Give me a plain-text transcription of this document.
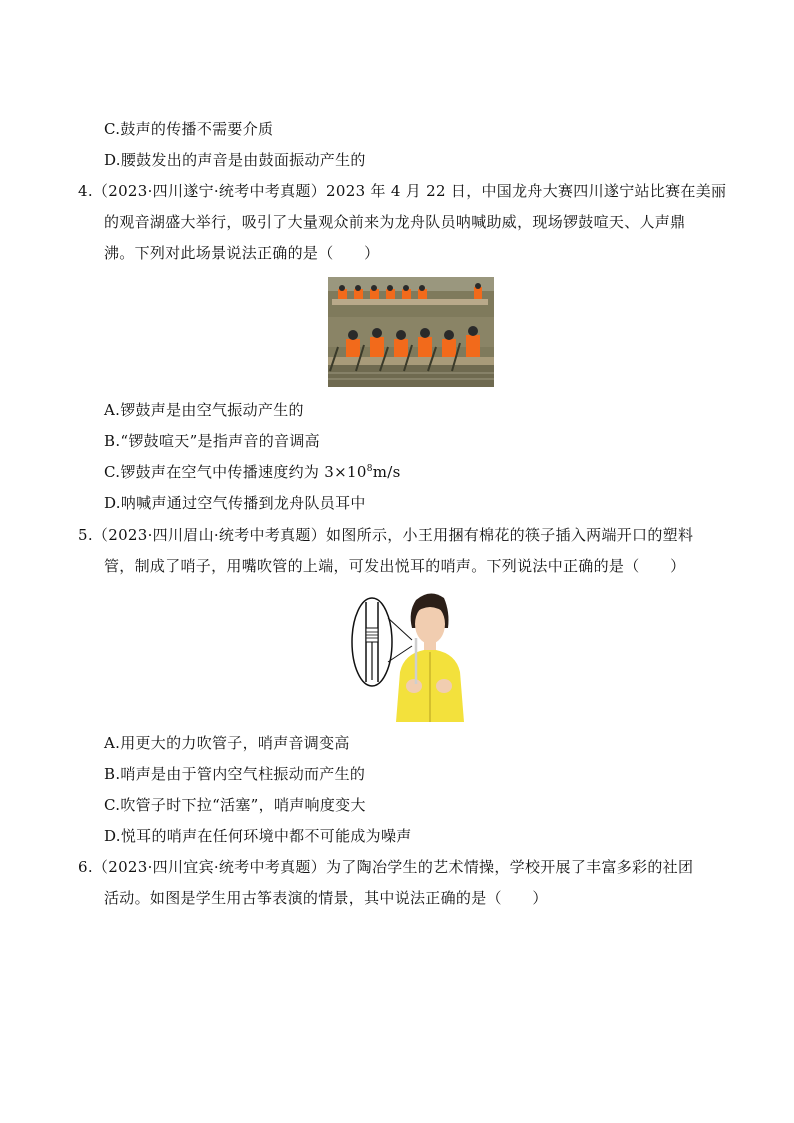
C.鼓声的传播不需要介质
D.腰鼓发出的声音是由鼓面振动产生的
4.（2023·四川遂宁·统考中考真题）2023 年 4 月 22 日，中国龙舟大赛四川遂宁站比赛在美丽
的观音湖盛大举行，吸引了大量观众前来为龙舟队员呐喊助威，现场锣鼓喧天、人声鼎
沸。下列对此场景说法正确的是（　　）
A.锣鼓声是由空气振动产生的
B.“锣鼓喧天”是指声音的音调高
C.锣鼓声在空气中传播速度约为 $3\times 10^8m/s$
D.呐喊声通过空气传播到龙舟队员耳中
5.（2023·四川眉山·统考中考真题）如图所示，小王用捆有棉花的筷子插入两端开口的塑料
管，制成了哨子，用嘴吹管的上端，可发出悦耳的哨声。下列说法中正确的是（　　）
A.用更大的力吹管子，哨声音调变高
B.哨声是由于管内空气柱振动而产生的
C.吹管子时下拉“活塞”，哨声响度变大
D.悦耳的哨声在任何环境中都不可能成为噪声
6.（2023·四川宜宾·统考中考真题）为了陶冶学生的艺术情操，学校开展了丰富多彩的社团
活动。如图是学生用古筝表演的情景，其中说法正确的是（　　）
